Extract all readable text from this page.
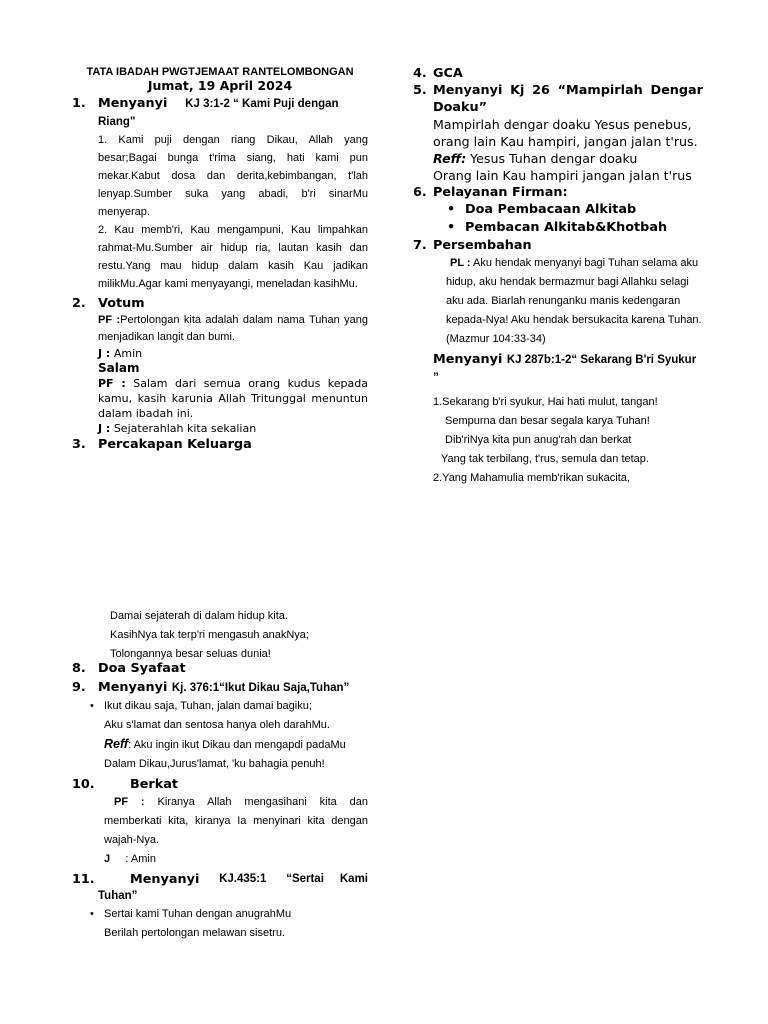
TATA IBADAH PWGTJEMAAT RANTELOMBONGAN
Jumat, 19 April 2024
1. Menyanyi KJ 3:1-2 “ Kami Puji dengan Riang"
1. Kami puji dengan riang Dikau, Allah yang besar;Bagai bunga t'rima siang, hati kami pun mekar.Kabut dosa dan derita,kebimbangan, t'lah lenyap.Sumber suka yang abadi, b'ri sinarMu menyerap.
2. Kau memb'ri, Kau mengampuni, Kau limpahkan rahmat-Mu.Sumber air hidup ria, lautan kasih dan restu.Yang mau hidup dalam kasih Kau jadikan milikMu.Agar kami menyayangi, meneladan kasihMu.
2. Votum
PF :Pertolongan kita adalah dalam nama Tuhan yang menjadikan langit dan bumi.
J : Amin
Salam
PF : Salam dari semua orang kudus kepada kamu, kasih karunia Allah Tritunggal menuntun dalam ibadah ini.
J : Sejaterahlah kita sekalian
3. Percakapan Keluarga
Damai sejaterah di dalam hidup kita.
KasihNya tak terp'ri mengasuh anakNya;
Tolongannya besar seluas dunia!
8. Doa Syafaat
9. Menyanyi Kj. 376:1“Ikut Dikau Saja,Tuhan”
• Ikut dikau saja, Tuhan, jalan damai bagiku;
Aku s'lamat dan sentosa hanya oleh darahMu.
Reff: Aku ingin ikut Dikau dan mengapdi padaMu
Dalam Dikau,Jurus'lamat, 'ku bahagia penuh!
10.	Berkat
PF : Kiranya Allah mengasihani kita dan memberkati kita, kiranya Ia menyinari kita dengan wajah-Nya.
J : Amin
11.	Menyanyi KJ.435:1 “Sertai     Kami
Tuhan”
• Sertai kami Tuhan dengan anugrahMu
Berilah pertolongan melawan sisetru.
4. GCA
5. Menyanyi Kj 26 “Mampirlah Dengar Doaku”
Mampirlah dengar doaku Yesus penebus,
orang lain Kau hampiri, jangan jalan t'rus.
Reff: Yesus Tuhan dengar doaku
Orang lain Kau hampiri jangan jalan t'rus
6. Pelayanan Firman:
• Doa Pembacaan Alkitab
• Pembacan Alkitab&Khotbah
7. Persembahan
PL : Aku hendak menyanyi bagi Tuhan selama aku hidup, aku hendak bermazmur bagi Allahku selagi aku ada. Biarlah renunganku manis kedengaran kepada-Nya! Aku hendak bersukacita karena Tuhan. (Mazmur 104:33-34)
Menyanyi KJ 287b:1-2“ Sekarang B'ri Syukur ”
1.Sekarang b'ri syukur, Hai hati mulut, tangan!
Sempurna dan besar segala karya Tuhan!
Dib'riNya kita pun anug'rah dan berkat
Yang tak terbilang, t'rus, semula dan tetap.
2.Yang Mahamulia memb'rikan sukacita,
